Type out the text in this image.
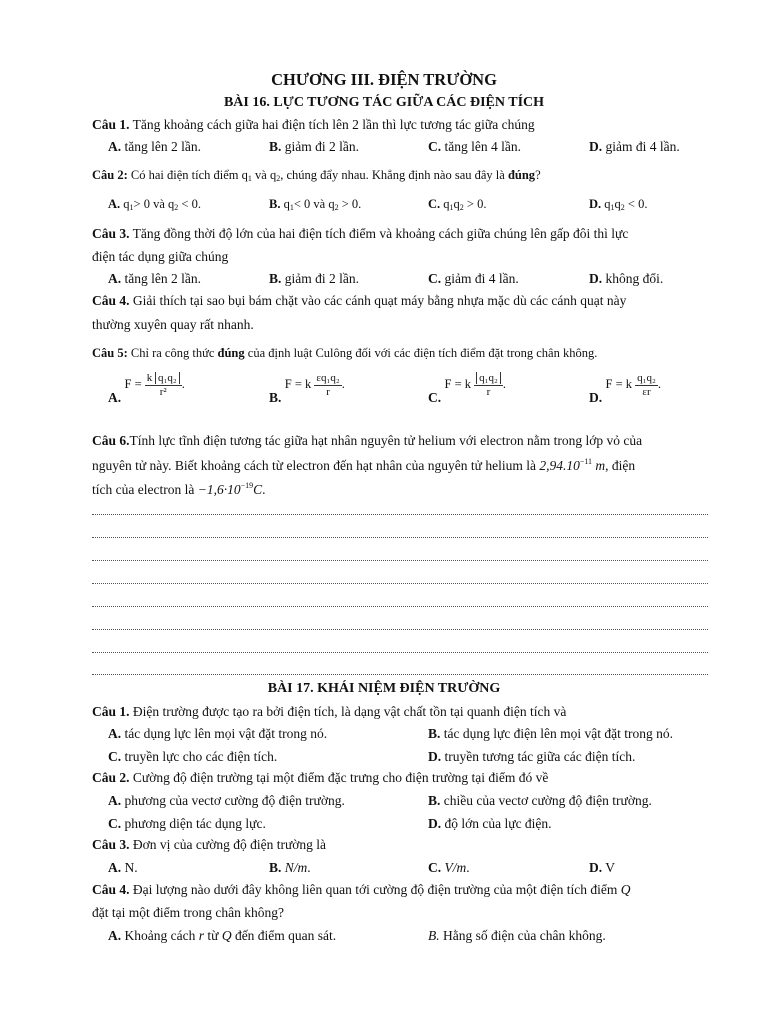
CHƯƠNG III. ĐIỆN TRƯỜNG
BÀI 16. LỰC TƯƠNG TÁC GIỮA CÁC ĐIỆN TÍCH
Câu 1. Tăng khoảng cách giữa hai điện tích lên 2 lần thì lực tương tác giữa chúng
A. tăng lên 2 lần.	B. giảm đi 2 lần.	C. tăng lên 4 lần.	D. giảm đi 4 lần.
Câu 2: Có hai điện tích điểm $q_1$ và $q_2$, chúng đẩy nhau. Khẳng định nào sau đây là đúng?
A. $q_1> 0$ và $q_2 < 0$.	B. $q_1< 0$ và $q_2 > 0$.	C. $q_1q_2 > 0$.	D. $q_1q_2 < 0$.
Câu 3. Tăng đồng thời độ lớn của hai điện tích điểm và khoảng cách giữa chúng lên gấp đôi thì lực
điện tác dụng giữa chúng
A. tăng lên 2 lần.	B. giảm đi 2 lần.	C. giảm đi 4 lần.	D. không đổi.
Câu 4. Giải thích tại sao bụi bám chặt vào các cánh quạt máy bằng nhựa mặc dù các cánh quạt này
thường xuyên quay rất nhanh.
Câu 5: Chỉ ra công thức đúng của định luật Culông đối với các điện tích điểm đặt trong chân không.
A. $F = \frac{\text{k q₁q₂}}{\text{r²}}$ .
B. F = k $\frac{\text{εq₁q₂}}{r}$ .
C. F = k $\frac{\text{q₁q₂}}{r}$ .
D. F = k $\frac{\text{q₁q₂}}{\varepsilon r}$ .
Câu 6.Tính lực tĩnh điện tương tác giữa hạt nhân nguyên tử helium với electron nằm trong lớp vỏ của
nguyên tử này. Biết khoảng cách từ electron đến hạt nhân của nguyên tử helium là $2,94.10^{-11}$ m, điện
tích của electron là $-1,6\cdot 10^{-19}C$.
BÀI 17. KHÁI NIỆM ĐIỆN TRƯỜNG
Câu 1. Điện trường được tạo ra bởi điện tích, là dạng vật chất tồn tại quanh điện tích và
A. tác dụng lực lên mọi vật đặt trong nó.	B. tác dụng lực điện lên mọi vật đặt trong nó.
C. truyền lực cho các điện tích.	D. truyền tương tác giữa các điện tích.
Câu 2. Cường độ điện trường tại một điểm đặc trưng cho điện trường tại điểm đó về
A. phương của vectơ cường độ điện trường.	B. chiều của vectơ cường độ điện trường.
C. phương diện tác dụng lực.	D. độ lớn của lực điện.
Câu 3. Đơn vị của cường độ điện trường là
A. N.	B. N/m.	C. V/m.	D. V
Câu 4. Đại lượng nào dưới đây không liên quan tới cường độ điện trường của một điện tích điểm Q
đặt tại một điểm trong chân không?
A. Khoảng cách r từ Q đến điểm quan sát.	B. Hằng số điện của chân không.
